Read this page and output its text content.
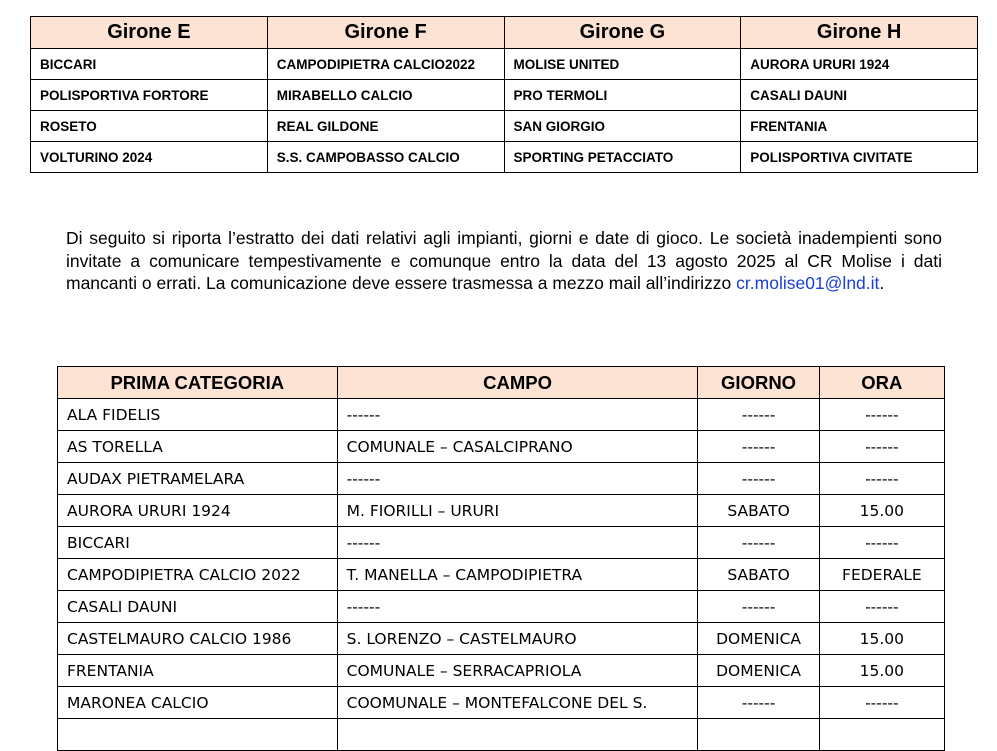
Girone E	Girone F	Girone G	Girone H
BICCARI	CAMPODIPIETRA CALCIO2022	MOLISE UNITED	AURORA URURI 1924
POLISPORTIVA FORTORE	MIRABELLO CALCIO	PRO TERMOLI	CASALI DAUNI
ROSETO	REAL GILDONE	SAN GIORGIO	FRENTANIA
VOLTURINO 2024	S.S. CAMPOBASSO CALCIO	SPORTING PETACCIATO	POLISPORTIVA CIVITATE

Di seguito si riporta l’estratto dei dati relativi agli impianti, giorni e date di gioco. Le società inadempienti sono invitate a comunicare tempestivamente e comunque entro la data del 13 agosto 2025 al CR Molise i dati mancanti o errati. La comunicazione deve essere trasmessa a mezzo mail all’indirizzo cr.molise01@lnd.it.

PRIMA CATEGORIA	CAMPO	GIORNO	ORA
ALA FIDELIS	------	------	------
AS TORELLA	COMUNALE – CASALCIPRANO	------	------
AUDAX PIETRAMELARA	------	------	------
AURORA URURI 1924	M. FIORILLI – URURI	SABATO	15.00
BICCARI	------	------	------
CAMPODIPIETRA CALCIO 2022	T. MANELLA – CAMPODIPIETRA	SABATO	FEDERALE
CASALI DAUNI	------	------	------
CASTELMAURO CALCIO 1986	S. LORENZO – CASTELMAURO	DOMENICA	15.00
FRENTANIA	COMUNALE – SERRACAPRIOLA	DOMENICA	15.00
MARONEA CALCIO	COOMUNALE – MONTEFALCONE DEL S.	------	------
